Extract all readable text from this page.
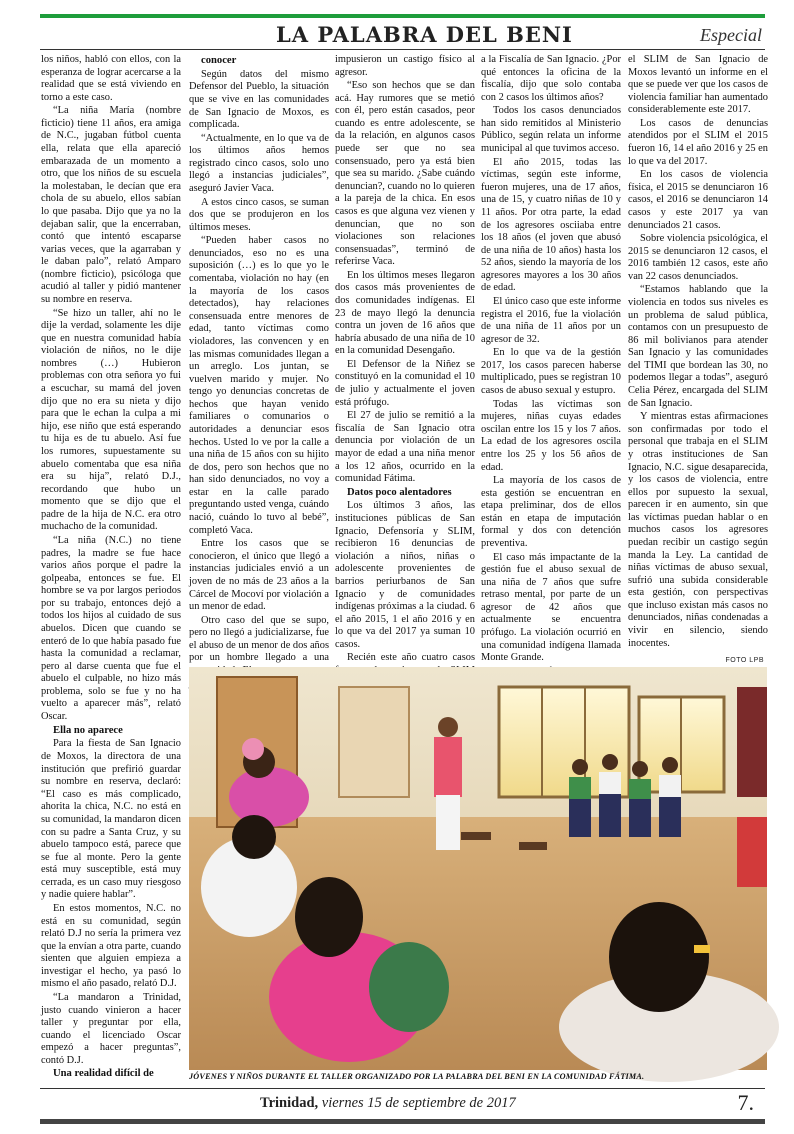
LA PALABRA DEL BENI	Especial

los niños, habló con ellos, con la esperanza de lograr acercarse a la realidad que se está viviendo en torno a este caso.

“La niña María (nombre ficticio) tiene 11 años, era amiga de N.C., jugaban fútbol cuenta ella, relata que ella apareció embarazada de un momento a otro, que los niños de su escuela la molestaban, le decían que era chola de su abuelo, ellos sabían lo que pasaba. Dijo que ya no la dejaban salir, que la encerraban, contó que intentó escaparse varias veces, que la agarraban y le daban palo”, relató Amparo (nombre ficticio), psicóloga que acudió al taller y pidió mantener su nombre en reserva.

“Se hizo un taller, ahí no le dije la verdad, solamente les dije que en nuestra comunidad había violación de niños, no le dije nombres (…) Hubieron problemas con otra señora yo fui a escuchar, su mamá del joven dijo que no era su nieta y dijo para que le echan la culpa a mi hijo, ese niño que está esperando tu hija es de tu abuelo. Así fue los rumores, supuestamente su abuelo comentaba que esa niña era su hija”, relató D.J., recordando que hubo un momento que se dijo que el padre de la hija de N.C. era otro muchacho de la comunidad.

“La niña (N.C.) no tiene padres, la madre se fue hace varios años porque el padre la golpeaba, entonces se fue. El hombre se va por largos periodos por su trabajo, entonces dejó a todos los hijos al cuidado de sus abuelos. Dicen que cuando se enteró de lo que había pasado fue hasta la comunidad a reclamar, pero al darse cuenta que fue el abuelo el culpable, no hizo más problema, solo se fue y no ha vuelto a aparecer más”, relató Oscar.

Ella no aparece

Para la fiesta de San Ignacio de Moxos, la directora de una institución que prefirió guardar su nombre en reserva, declaró: “El caso es más complicado, ahorita la chica, N.C. no está en su comunidad, la mandaron dicen con su padre a Santa Cruz, y su abuelo tampoco está, parece que se fue al monte. Pero la gente está muy susceptible, está muy cerrada, es un caso muy riesgoso y nadie quiere hablar”.

En estos momentos, N.C. no está en su comunidad, según relató D.J no sería la primera vez que la envían a otra parte, cuando sienten que alguien empieza a investigar el hecho, ya pasó lo mismo el año pasado, relató D.J.

“La mandaron a Trinidad, justo cuando vinieron a hacer taller y preguntar por ella, cuando el licenciado Oscar empezó a hacer preguntas”, contó D.J.

Una realidad difícil de
conocer

Según datos del mismo Defensor del Pueblo, la situación que se vive en las comunidades de San Ignacio de Moxos, es complicada.

“Actualmente, en lo que va de los últimos años hemos registrado cinco casos, solo uno llegó a instancias judiciales”, aseguró Javier Vaca.

A estos cinco casos, se suman dos que se produjeron en los últimos meses.

“Pueden haber casos no denunciados, eso no es una suposición (…) es lo que yo le comentaba, violación no hay (en la mayoría de los casos detectados), hay relaciones consensuada entre menores de edad, tanto víctimas como violadores, las convencen y en las mismas comunidades llegan a un arreglo. Los juntan, se vuelven marido y mujer. No tengo yo denuncias concretas de hechos que hayan venido familiares o comunarios o autoridades a denunciar esos hechos. Usted lo ve por la calle a una niña de 15 años con su hijito de dos, pero son hechos que no han sido denunciados, no voy a estar en la calle parado preguntando usted venga, cuándo nació, cuándo lo tuvo al bebé”, completó Vaca.

Entre los casos que se conocieron, el único que llegó a instancias judiciales envió a un joven de no más de 23 años a la Cárcel de Mocoví por violación a un menor de edad.

Otro caso del que se supo, pero no llegó a judicializarse, fue el abuso de un menor de dos años por un hombre llegado a una

impusieron un castigo físico al agresor.

“Eso son hechos que se dan acá. Hay rumores que se metió con él, pero están casados, peor cuando es entre adolescente, se da la relación, en algunos casos puede ser que no sea consensuado, pero ya está bien que sea su marido. ¿Sabe cuándo denuncian?, cuando no lo quieren a la pareja de la chica. En esos casos es que alguna vez vienen y denuncian, que no son violaciones son relaciones consensuadas”, terminó de referirse Vaca.

En los últimos meses llegaron dos casos más provenientes de dos comunidades indígenas. El 23 de mayo llegó la denuncia contra un joven de 16 años que habría abusado de una niña de 10 en la comunidad Desengaño.

El Defensor de la Niñez se constituyó en la comunidad el 10 de julio y actualmente el joven está prófugo.

El 27 de julio se remitió a la fiscalía de San Ignacio otra denuncia por violación de un mayor de edad a una niña menor a los 12 años, ocurrido en la comunidad Fátima.

Datos poco alentadores

Los últimos 3 años, las instituciones públicas de San Ignacio, Defensoría y SLIM, recibieron 16 denuncias de violación a niños, niñas o adolescente provenientes de barrios periurbanos de San Ignacio y de comunidades indígenas próximas a la ciudad. 6 el año 2015, 1 el año 2016 y en lo que va del 2017 ya suman 10 casos.

Recién este año cuatro casos

a la Fiscalía de San Ignacio. ¿Por qué entonces la oficina de la fiscalía, dijo que solo contaba con 2 casos los últimos años?

Todos los casos denunciados han sido remitidos al Ministerio Público, según relata un informe municipal al que tuvimos acceso.

El año 2015, todas las víctimas, según este informe, fueron mujeres, una de 17 años, una de 15, y cuatro niñas de 10 y 11 años. Por otra parte, la edad de los agresores osciiaba entre los 18 años (el joven que abusó de una niña de 10 años) hasta los 52 años, siendo la mayoría de los agresores mayores a los 30 años de edad.

El único caso que este informe registra el 2016, fue la violación de una niña de 11 años por un agresor de 32.

En lo que va de la gestión 2017, los casos parecen haberse multiplicado, pues se registran 10 casos de abuso sexual y estupro.

Todas las víctimas son mujeres, niñas cuyas edades oscilan entre los 15 y los 7 años. La edad de los agresores oscila entre los 25 y los 56 años de edad.

La mayoría de los casos de esta gestión se encuentran en etapa preliminar, dos de ellos están en etapa de imputación formal y dos con detención preventiva.

El caso más impactante de la gestión fue el abuso sexual de una niña de 7 años que sufre retraso mental, por parte de un agresor de 42 años que actualmente se encuentra prófugo. La violación ocurrió en una comunidad indígena llamada Monte Grande.

el SLIM de San Ignacio de Moxos levantó un informe en el que se puede ver que los casos de violencia familiar han aumentado considerablemente este 2017.

Los casos de denuncias atendidos por el SLIM el 2015 fueron 16, 14 el año 2016 y 25 en lo que va del 2017.

En los casos de violencia física, el 2015 se denunciaron 16 casos, el 2016 se denunciaron 14 casos y este 2017 ya van denunciados 21 casos.

Sobre violencia psicológica, el 2015 se denunciaron 12 casos, el 2016 también 12 casos, este año van 22 casos denunciados.

“Estamos hablando que la violencia en todos sus niveles es un problema de salud pública, contamos con un presupuesto de 86 mil bolivianos para atender San Ignacio y las comunidades del TIMI que bordean las 30, no podemos llegar a todas”, aseguró Celia Pérez, encargada del SLIM de San Ignacio.

Y mientras estas afirmaciones son confirmadas por todo el personal que trabaja en el SLIM y otras instituciones de San Ignacio, N.C. sigue desaparecida, y los casos de violencia, entre ellos por supuesto la sexual, parecen ir en aumento, sin que las víctimas puedan hablar o en muchos casos los agresores puedan recibir un castigo según manda la Ley. La cantidad de niñas víctimas de abuso sexual, sufrió una subida considerable esta gestión, con perspectivas que incluso existan más casos no denunciados, niñas condenadas a vivir en silencio, siendo inocentes.

FOTO LPB
JÓVENES Y NIÑOS DURANTE EL TALLER ORGANIZADO POR LA PALABRA DEL BENI EN LA COMUNIDAD FÁTIMA.
Trinidad, viernes 15 de septiembre de 2017	7.
